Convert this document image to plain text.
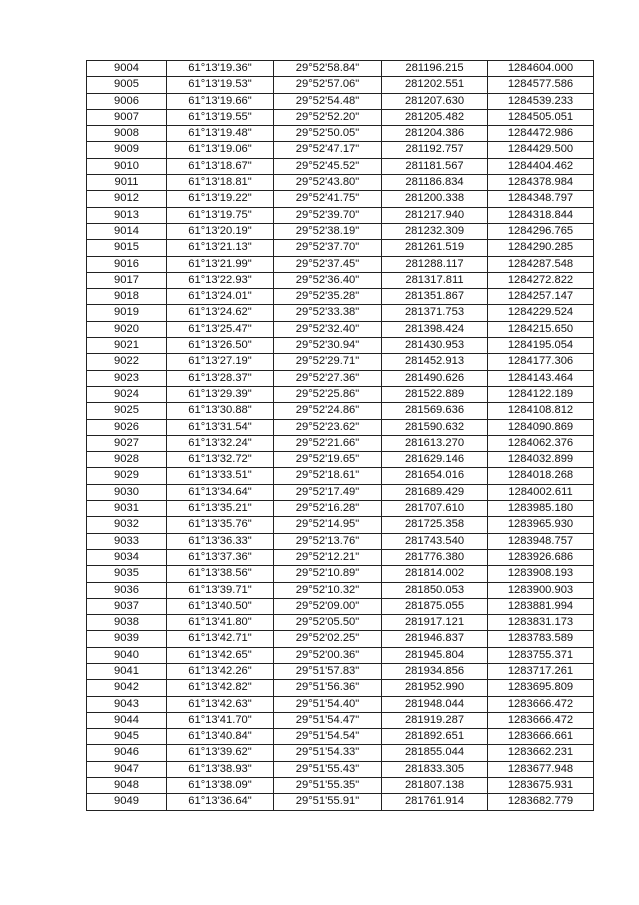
9004	61°13'19.36"	29°52'58.84"	281196.215	1284604.000
9005	61°13'19.53"	29°52'57.06"	281202.551	1284577.586
9006	61°13'19.66"	29°52'54.48"	281207.630	1284539.233
9007	61°13'19.55"	29°52'52.20"	281205.482	1284505.051
9008	61°13'19.48"	29°52'50.05"	281204.386	1284472.986
9009	61°13'19.06"	29°52'47.17"	281192.757	1284429.500
9010	61°13'18.67"	29°52'45.52"	281181.567	1284404.462
9011	61°13'18.81"	29°52'43.80"	281186.834	1284378.984
9012	61°13'19.22"	29°52'41.75"	281200.338	1284348.797
9013	61°13'19.75"	29°52'39.70"	281217.940	1284318.844
9014	61°13'20.19"	29°52'38.19"	281232.309	1284296.765
9015	61°13'21.13"	29°52'37.70"	281261.519	1284290.285
9016	61°13'21.99"	29°52'37.45"	281288.117	1284287.548
9017	61°13'22.93"	29°52'36.40"	281317.811	1284272.822
9018	61°13'24.01"	29°52'35.28"	281351.867	1284257.147
9019	61°13'24.62"	29°52'33.38"	281371.753	1284229.524
9020	61°13'25.47"	29°52'32.40"	281398.424	1284215.650
9021	61°13'26.50"	29°52'30.94"	281430.953	1284195.054
9022	61°13'27.19"	29°52'29.71"	281452.913	1284177.306
9023	61°13'28.37"	29°52'27.36"	281490.626	1284143.464
9024	61°13'29.39"	29°52'25.86"	281522.889	1284122.189
9025	61°13'30.88"	29°52'24.86"	281569.636	1284108.812
9026	61°13'31.54"	29°52'23.62"	281590.632	1284090.869
9027	61°13'32.24"	29°52'21.66"	281613.270	1284062.376
9028	61°13'32.72"	29°52'19.65"	281629.146	1284032.899
9029	61°13'33.51"	29°52'18.61"	281654.016	1284018.268
9030	61°13'34.64"	29°52'17.49"	281689.429	1284002.611
9031	61°13'35.21"	29°52'16.28"	281707.610	1283985.180
9032	61°13'35.76"	29°52'14.95"	281725.358	1283965.930
9033	61°13'36.33"	29°52'13.76"	281743.540	1283948.757
9034	61°13'37.36"	29°52'12.21"	281776.380	1283926.686
9035	61°13'38.56"	29°52'10.89"	281814.002	1283908.193
9036	61°13'39.71"	29°52'10.32"	281850.053	1283900.903
9037	61°13'40.50"	29°52'09.00"	281875.055	1283881.994
9038	61°13'41.80"	29°52'05.50"	281917.121	1283831.173
9039	61°13'42.71"	29°52'02.25"	281946.837	1283783.589
9040	61°13'42.65"	29°52'00.36"	281945.804	1283755.371
9041	61°13'42.26"	29°51'57.83"	281934.856	1283717.261
9042	61°13'42.82"	29°51'56.36"	281952.990	1283695.809
9043	61°13'42.63"	29°51'54.40"	281948.044	1283666.472
9044	61°13'41.70"	29°51'54.47"	281919.287	1283666.472
9045	61°13'40.84"	29°51'54.54"	281892.651	1283666.661
9046	61°13'39.62"	29°51'54.33"	281855.044	1283662.231
9047	61°13'38.93"	29°51'55.43"	281833.305	1283677.948
9048	61°13'38.09"	29°51'55.35"	281807.138	1283675.931
9049	61°13'36.64"	29°51'55.91"	281761.914	1283682.779
